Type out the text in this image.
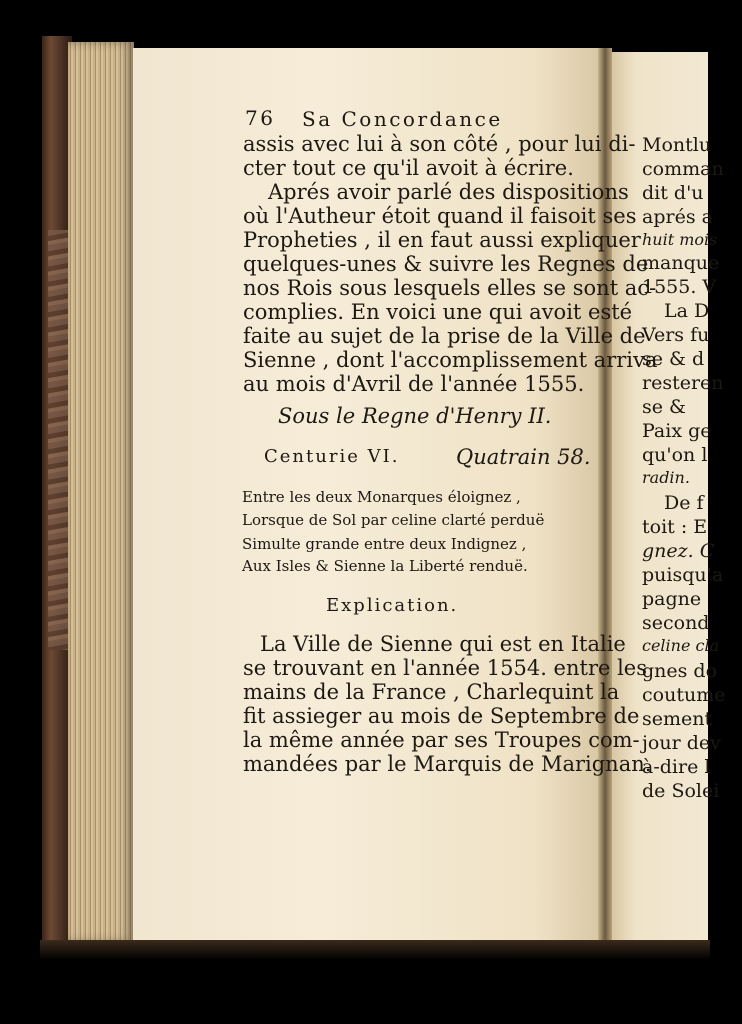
76 Sa Concordance
assis avec lui à son côté , pour lui di-
cter tout ce qu'il avoit à écrire.
Aprés avoir parlé des dispositions
où l'Autheur étoit quand il faisoit ses
Propheties , il en faut aussi expliquer
quelques-unes & suivre les Regnes de
nos Rois sous lesquels elles se sont ac-
complies. En voici une qui avoit esté
faite au sujet de la prise de la Ville de
Sienne , dont l'accomplissement arriva
au mois d'Avril de l'année 1555.
Sous le Regne d'Henry II.
Centurie VI.	Quatrain 58.
Entre les deux Monarques éloignez ,
Lorsque de Sol par celine clarté perduë
Simulte grande entre deux Indignez ,
Aux Isles & Sienne la Liberté renduë.
Explication.
La Ville de Sienne qui est en Italie
se trouvant en l'année 1554. entre les
mains de la France , Charlequint la
fit assieger au mois de Septembre de
la même année par ses Troupes com-
mandées par le Marquis de Marignan.
Montlu
comman
dit d'u
aprés a
huit mois
manque
1555. V
La D
Vers fu
se & d
resteren
se &
Paix ge
qu'on l
radin.
De f
toit : E
gnez. C
puisqu'a
pagne
second
celine cla
gnes do
coutume
sement
jour dev
à-dire l
de Solei
